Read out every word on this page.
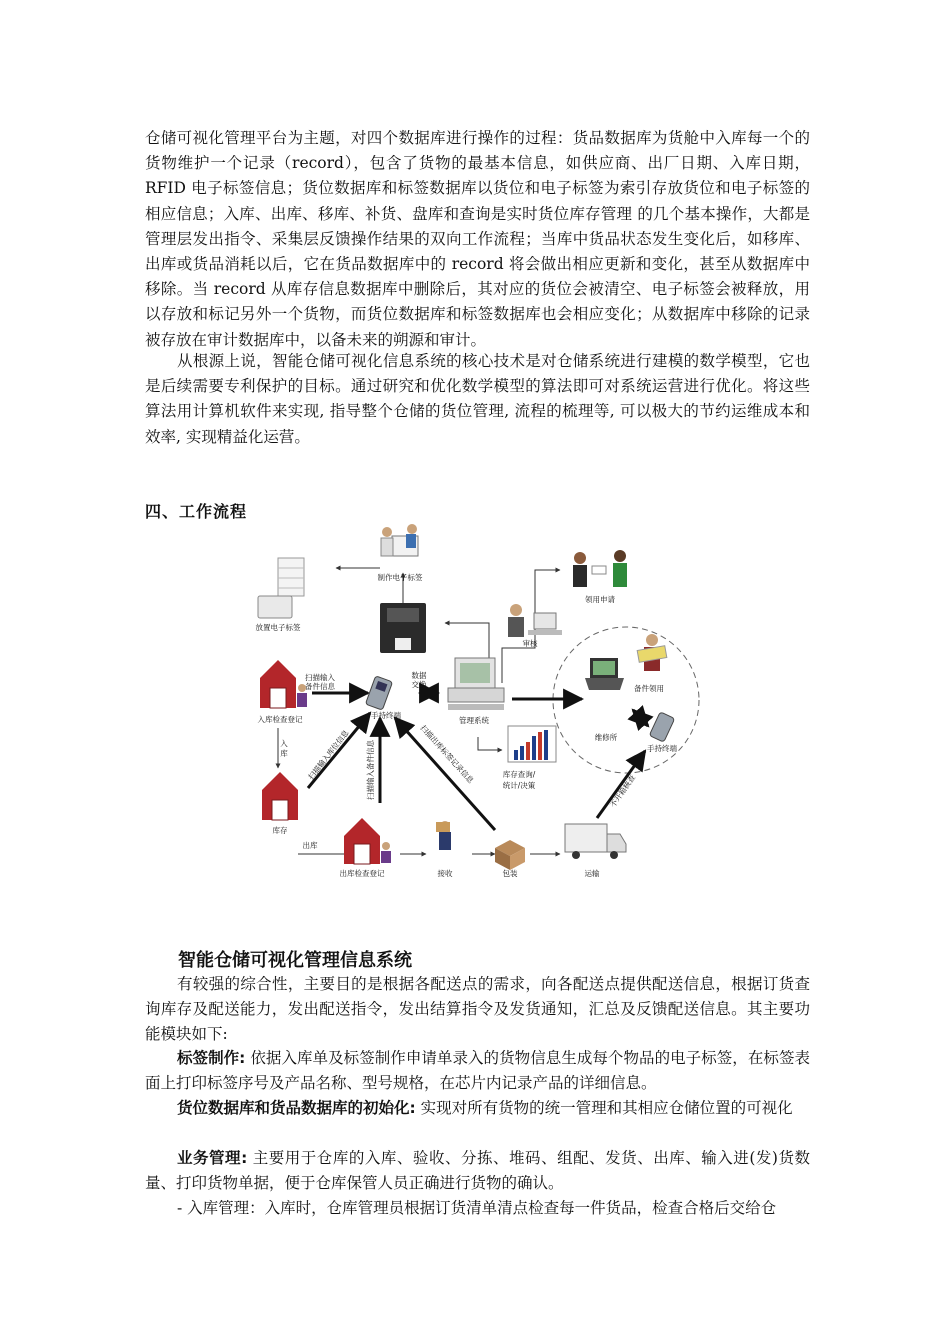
仓储可视化管理平台为主题，对四个数据库进行操作的过程：货品数据库为货舱中入库每一个的货物维护一个记录（record），包含了货物的最基本信息，如供应商、出厂日期、入库日期，RFID 电子标签信息；货位数据库和标签数据库以货位和电子标签为索引存放货位和电子标签的相应信息；入库、出库、移库、补货、盘库和查询是实时货位库存管理 的几个基本操作，大都是管理层发出指令、采集层反馈操作结果的双向工作流程；当库中货品状态发生变化后，如移库、出库或货品消耗以后，它在货品数据库中的 record 将会做出相应更新和变化，甚至从数据库中移除。当 record 从库存信息数据库中删除后，其对应的货位会被清空、电子标签会被释放，用以存放和标记另外一个货物，而货位数据库和标签数据库也会相应变化；从数据库中移除的记录被存放在审计数据库中，以备未来的朔源和审计。

从根源上说，智能仓储可视化信息系统的核心技术是对仓储系统进行建模的数学模型，它也是后续需要专利保护的目标。通过研究和优化数学模型的算法即可对系统运营进行优化。将这些算法用计算机软件来实现, 指导整个仓储的货位管理, 流程的梳理等, 可以极大的节约运维成本和效率, 实现精益化运营。

四、工作流程
制作电子标签
放置电子标签
领用申请
审核
扫描输入
备件信息
数据
交换
入库检查登记	手持终端
管理系统
备件领用
维修所
手持终端
入
库
库存查询/
统计/决策
库存
出库
出库检查登记	接收	包装	运输
扫描输入库位信息 扫描输入备件信息	扫描出库标签记录信息
不开箱核查
智能仓储可视化管理信息系统

有较强的综合性，主要目的是根据各配送点的需求，向各配送点提供配送信息，根据订货查询库存及配送能力，发出配送指令，发出结算指令及发货通知，汇总及反馈配送信息。其主要功能模块如下:

标签制作: 依据入库单及标签制作申请单录入的货物信息生成每个物品的电子标签，在标签表面上打印标签序号及产品名称、型号规格，在芯片内记录产品的详细信息。

货位数据库和货品数据库的初始化: 实现对所有货物的统一管理和其相应仓储位置的可视化

业务管理: 主要用于仓库的入库、验收、分拣、堆码、组配、发货、出库、输入进(发)货数量、打印货物单据，便于仓库保管人员正确进行货物的确认。

- 入库管理：入库时，仓库管理员根据订货清单清点检查每一件货品，检查合格后交给仓
